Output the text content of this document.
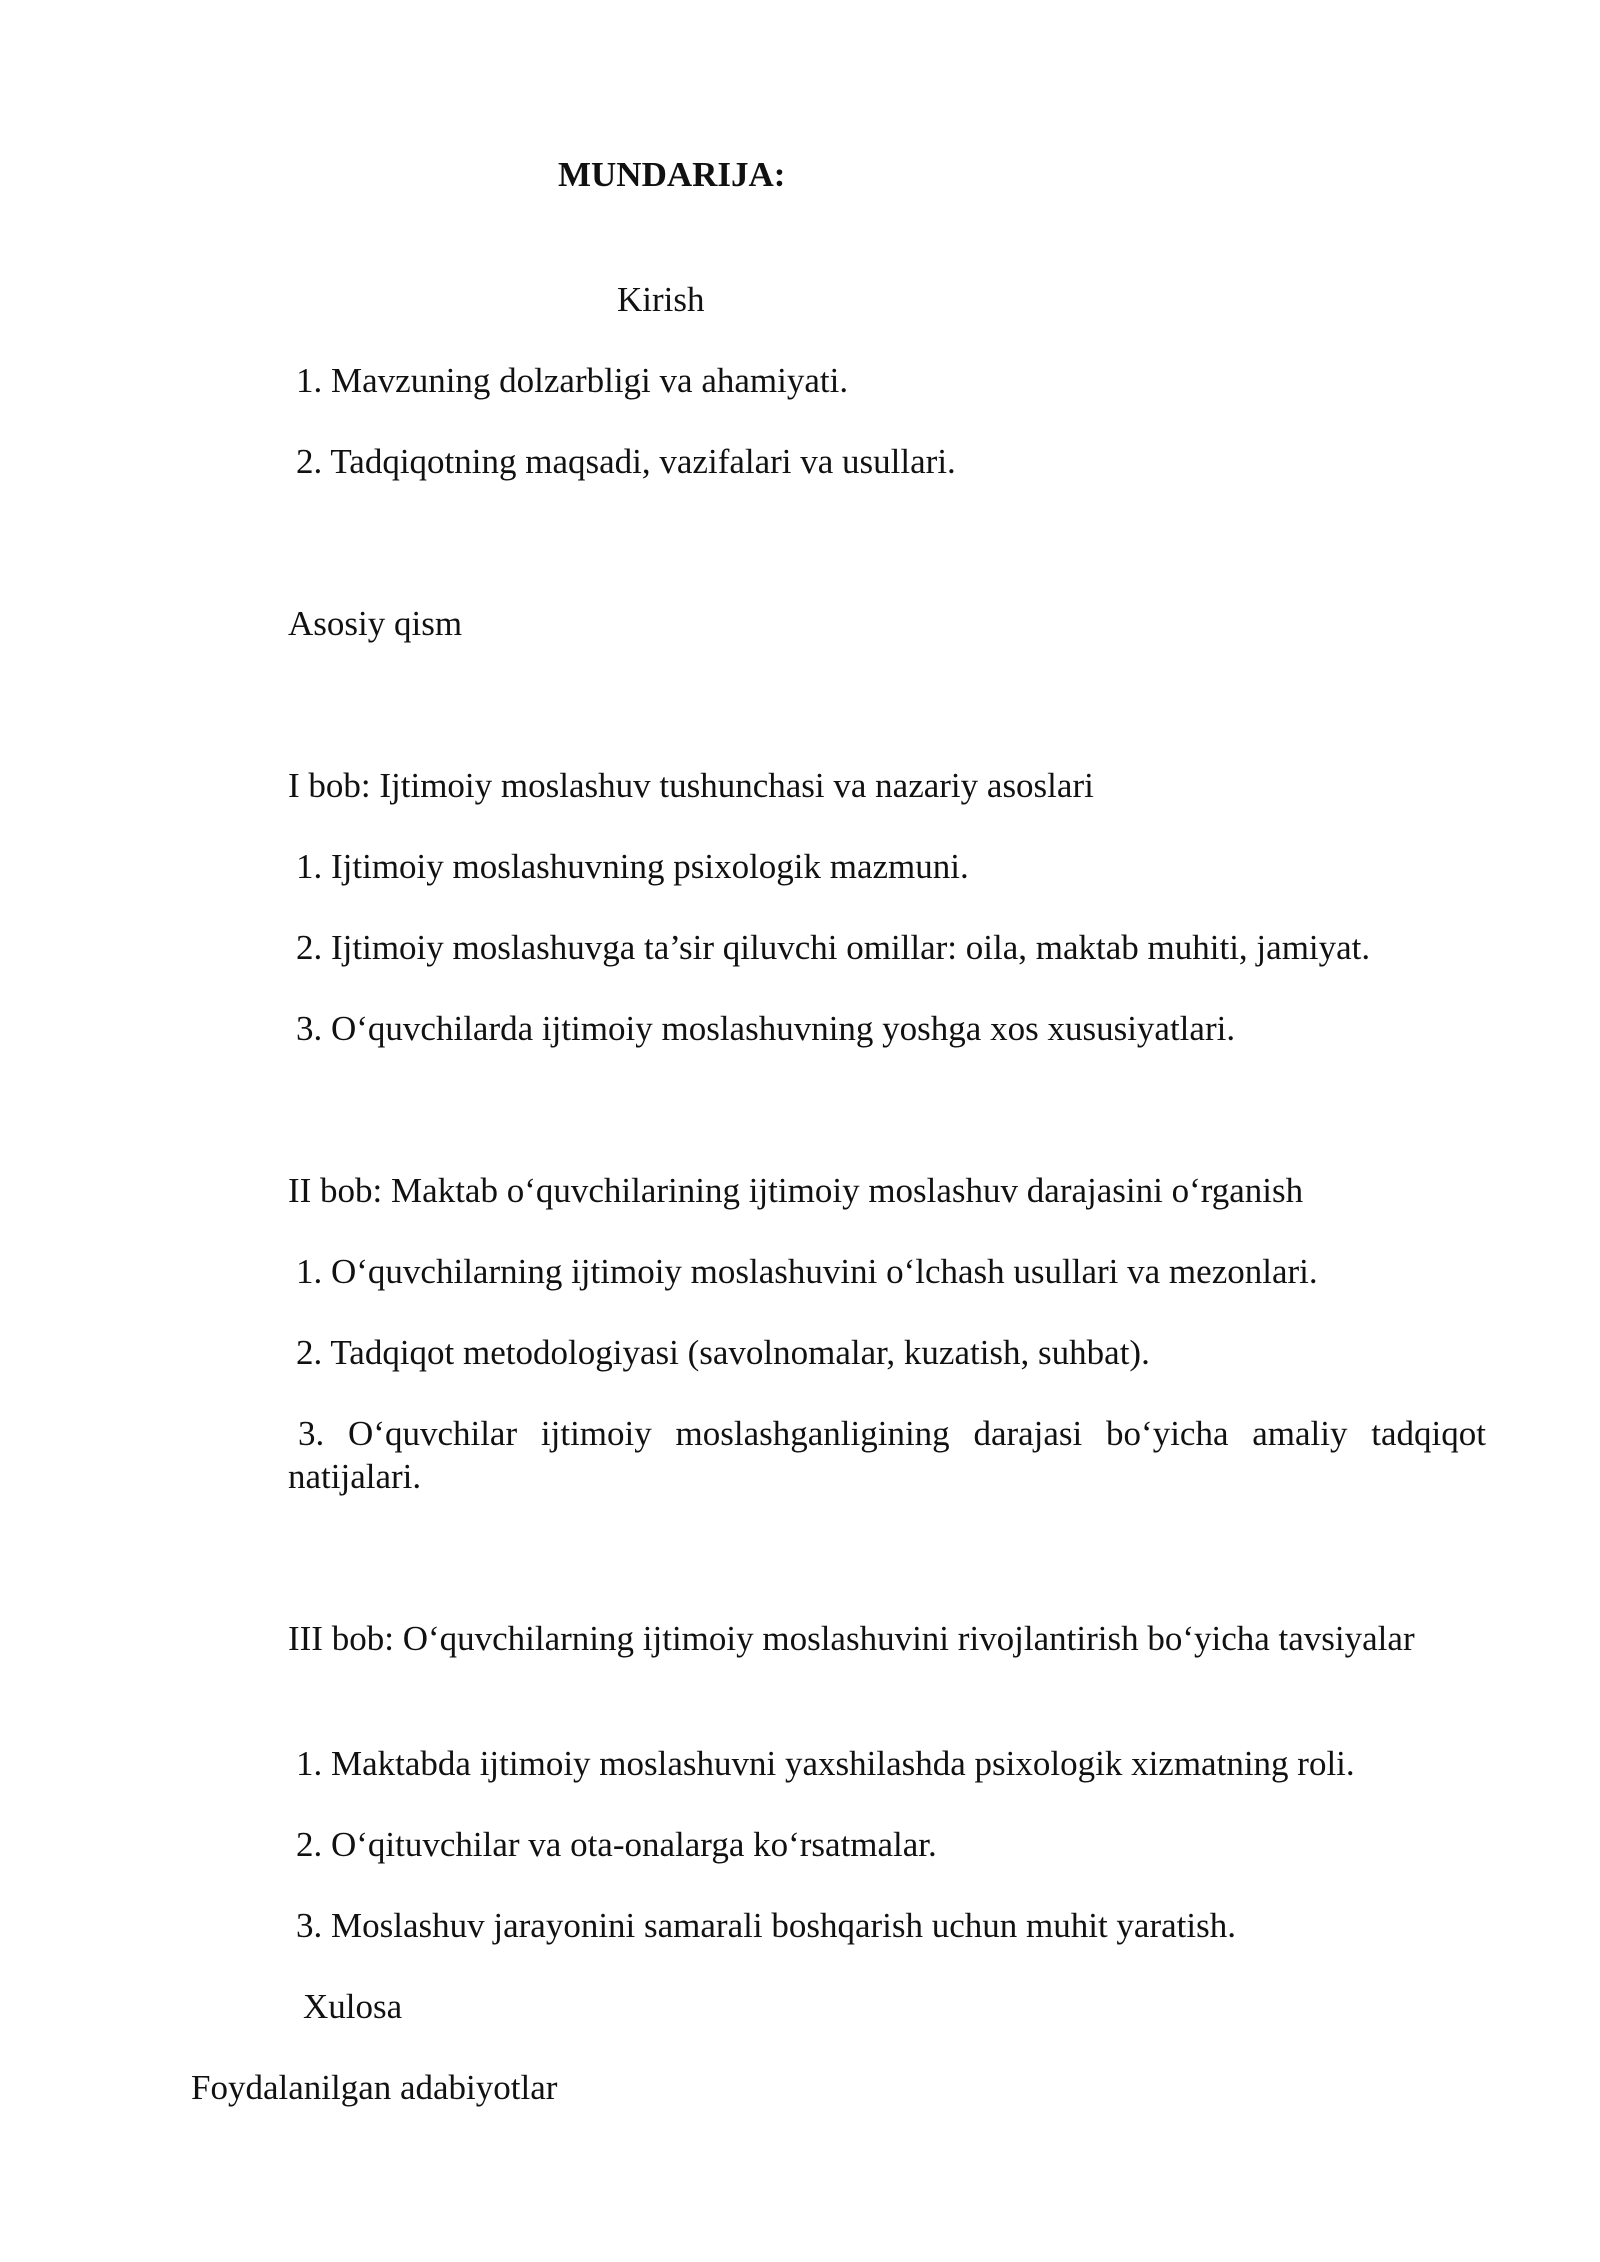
MUNDARIJA:
Kirish
1. Mavzuning dolzarbligi va ahamiyati.
2. Tadqiqotning maqsadi, vazifalari va usullari.
Asosiy qism
I bob: Ijtimoiy moslashuv tushunchasi va nazariy asoslari
1. Ijtimoiy moslashuvning psixologik mazmuni.
2. Ijtimoiy moslashuvga ta’sir qiluvchi omillar: oila, maktab muhiti, jamiyat.
3. O‘quvchilarda ijtimoiy moslashuvning yoshga xos xususiyatlari.
II bob: Maktab o‘quvchilarining ijtimoiy moslashuv darajasini o‘rganish
1. O‘quvchilarning ijtimoiy moslashuvini o‘lchash usullari va mezonlari.
2. Tadqiqot metodologiyasi (savolnomalar, kuzatish, suhbat).
3. O‘quvchilar ijtimoiy moslashganligining darajasi bo‘yicha amaliy tadqiqot natijalari.
III bob: O‘quvchilarning ijtimoiy moslashuvini rivojlantirish bo‘yicha tavsiyalar
1. Maktabda ijtimoiy moslashuvni yaxshilashda psixologik xizmatning roli.
2. O‘qituvchilar va ota-onalarga ko‘rsatmalar.
3. Moslashuv jarayonini samarali boshqarish uchun muhit yaratish.
Xulosa
Foydalanilgan adabiyotlar
